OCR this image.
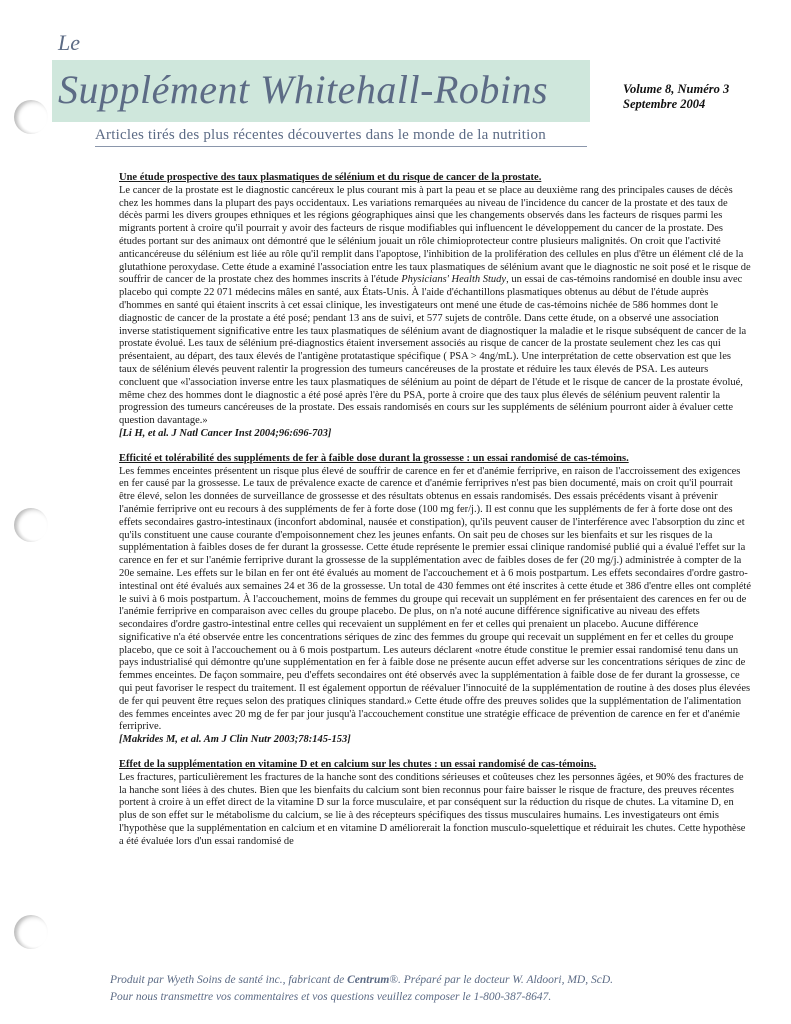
Le
Supplément Whitehall-Robins	Volume 8, Numéro 3
Septembre 2004
Articles tirés des plus récentes découvertes dans le monde de la nutrition
Une étude prospective des taux plasmatiques de sélénium et du risque de cancer de la prostate.
Le cancer de la prostate est le diagnostic cancéreux le plus courant mis à part la peau et se place au deuxième rang des principales causes de décès chez les hommes dans la plupart des pays occidentaux. Les variations remarquées au niveau de l'incidence du cancer de la prostate et des taux de décès parmi les divers groupes ethniques et les régions géographiques ainsi que les changements observés dans les facteurs de risques parmi les migrants portent à croire qu'il pourrait y avoir des facteurs de risque modifiables qui influencent le développement du cancer de la prostate. Des études portant sur des animaux ont démontré que le sélénium jouait un rôle chimioprotecteur contre plusieurs malignités. On croit que l'activité anticancéreuse du sélénium est liée au rôle qu'il remplit dans l'apoptose, l'inhibition de la prolifération des cellules en plus d'être un élément clé de la glutathione peroxydase. Cette étude a examiné l'association entre les taux plasmatiques de sélénium avant que le diagnostic ne soit posé et le risque de souffrir de cancer de la prostate chez des hommes inscrits à l'étude Physicians' Health Study, un essai de cas-témoins randomisé en double insu avec placebo qui compte 22 071 médecins mâles en santé, aux États-Unis. À l'aide d'échantillons plasmatiques obtenus au début de l'étude auprès d'hommes en santé qui étaient inscrits à cet essai clinique, les investigateurs ont mené une étude de cas-témoins nichée de 586 hommes dont le diagnostic de cancer de la prostate a été posé; pendant 13 ans de suivi, et 577 sujets de contrôle. Dans cette étude, on a observé une association inverse statistiquement significative entre les taux plasmatiques de sélénium avant de diagnostiquer la maladie et le risque subséquent de cancer de la prostate évolué. Les taux de sélénium pré-diagnostics étaient inversement associés au risque de cancer de la prostate seulement chez les cas qui présentaient, au départ, des taux élevés de l'antigène protatastique spécifique ( PSA > 4ng/mL). Une interprétation de cette observation est que les taux de sélénium élevés peuvent ralentir la progression des tumeurs cancéreuses de la prostate et réduire les taux élevés de PSA. Les auteurs concluent que «l'association inverse entre les taux plasmatiques de sélénium au point de départ de l'étude et le risque de cancer de la prostate évolué, même chez des hommes dont le diagnostic a été posé après l'ère du PSA, porte à croire que des taux plus élevés de sélénium peuvent ralentir la progression des tumeurs cancéreuses de la prostate. Des essais randomisés en cours sur les suppléments de sélénium pourront aider à évaluer cette question davantage.»
[Li H, et al. J Natl Cancer Inst 2004;96:696-703]
Efficité et tolérabilité des suppléments de fer à faible dose durant la grossesse : un essai randomisé de cas-témoins.
Les femmes enceintes présentent un risque plus élevé de souffrir de carence en fer et d'anémie ferriprive, en raison de l'accroissement des exigences en fer causé par la grossesse. Le taux de prévalence exacte de carence et d'anémie ferriprives n'est pas bien documenté, mais on croit qu'il pourrait être élevé, selon les données de surveillance de grossesse et des résultats obtenus en essais randomisés. Des essais précédents visant à prévenir l'anémie ferriprive ont eu recours à des suppléments de fer à forte dose (100 mg fer/j.). Il est connu que les suppléments de fer à forte dose ont des effets secondaires gastro-intestinaux (inconfort abdominal, nausée et constipation), qu'ils peuvent causer de l'interférence avec l'absorption du zinc et qu'ils constituent une cause courante d'empoisonnement chez les jeunes enfants. On sait peu de choses sur les bienfaits et sur les risques de la supplémentation à faibles doses de fer durant la grossesse. Cette étude représente le premier essai clinique randomisé publié qui a évalué l'effet sur la carence en fer et sur l'anémie ferriprive durant la grossesse de la supplémentation avec de faibles doses de fer (20 mg/j.) administrée à compter de la 20e semaine. Les effets sur le bilan en fer ont été évalués au moment de l'accouchement et à 6 mois postpartum. Les effets secondaires d'ordre gastro-intestinal ont été évalués aux semaines 24 et 36 de la grossesse. Un total de 430 femmes ont été inscrites à cette étude et 386 d'entre elles ont complété le suivi à 6 mois postpartum. À l'accouchement, moins de femmes du groupe qui recevait un supplément en fer présentaient des carences en fer ou de l'anémie ferriprive en comparaison avec celles du groupe placebo. De plus, on n'a noté aucune différence significative au niveau des effets secondaires d'ordre gastro-intestinal entre celles qui recevaient un supplément en fer et celles qui prenaient un placebo. Aucune différence significative n'a été observée entre les concentrations sériques de zinc des femmes du groupe qui recevait un supplément en fer et celles du groupe placebo, que ce soit à l'accouchement ou à 6 mois postpartum. Les auteurs déclarent «notre étude constitue le premier essai randomisé tenu dans un pays industrialisé qui démontre qu'une supplémentation en fer à faible dose ne présente aucun effet adverse sur les concentrations sériques de zinc de femmes enceintes. De façon sommaire, peu d'effets secondaires ont été observés avec la supplémentation à faible dose de fer durant la grossesse, ce qui peut favoriser le respect du traitement. Il est également opportun de réévaluer l'innocuité de la supplémentation de routine à des doses plus élevées de fer qui peuvent être reçues selon des pratiques cliniques standard.» Cette étude offre des preuves solides que la supplémentation de l'alimentation des femmes enceintes avec 20 mg de fer par jour jusqu'à l'accouchement constitue une stratégie efficace de prévention de carence en fer et d'anémie ferriprive.
[Makrides M, et al. Am J Clin Nutr 2003;78:145-153]
Effet de la supplémentation en vitamine D et en calcium sur les chutes : un essai randomisé de cas-témoins.
Les fractures, particulièrement les fractures de la hanche sont des conditions sérieuses et coûteuses chez les personnes âgées, et 90% des fractures de la hanche sont liées à des chutes. Bien que les bienfaits du calcium sont bien reconnus pour faire baisser le risque de fracture, des preuves récentes portent à croire à un effet direct de la vitamine D sur la force musculaire, et par conséquent sur la réduction du risque de chutes. La vitamine D, en plus de son effet sur le métabolisme du calcium, se lie à des récepteurs spécifiques des tissus musculaires humains. Les investigateurs ont émis l'hypothèse que la supplémentation en calcium et en vitamine D améliorerait la fonction musculo-squelettique et réduirait les chutes. Cette hypothèse a été évaluée lors d'un essai randomisé de
Produit par Wyeth Soins de santé inc., fabricant de Centrum®. Préparé par le docteur W. Aldoori, MD, ScD.
Pour nous transmettre vos commentaires et vos questions veuillez composer le 1-800-387-8647.
